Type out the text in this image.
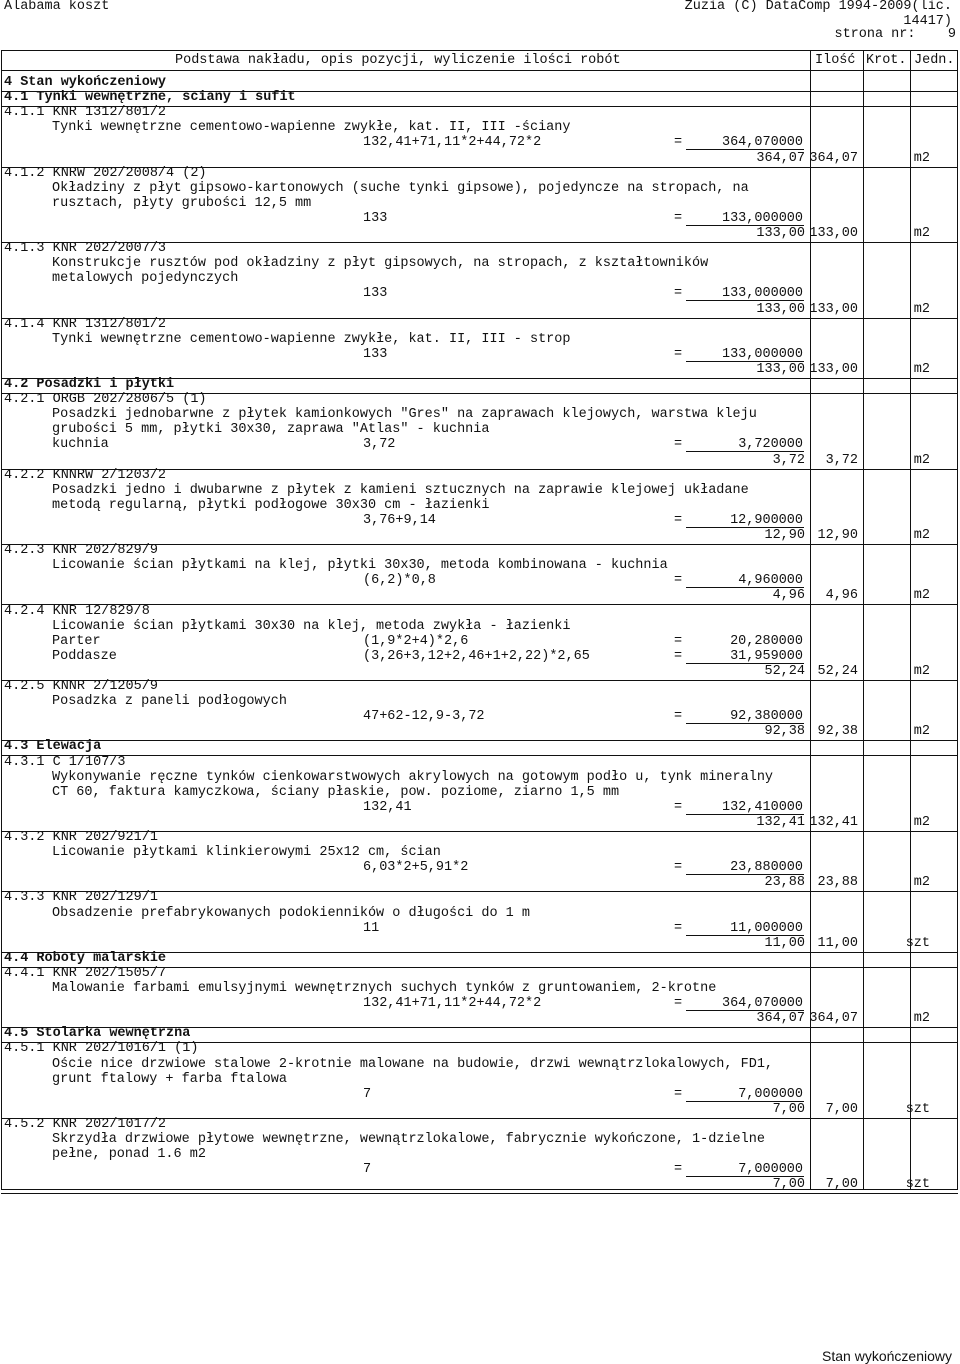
Alabama koszt	Zuzia (C) DataComp 1994-2009(lic.
14417)
strona nr:    9
Podstawa nakładu, opis pozycji, wyliczenie ilości robót	Ilość Krot. Jedn.
4 Stan wykończeniowy
4.1 Tynki wewnętrzne, sciany i sufit
4.1.1 KNR 1312/801/2
Tynki wewnętrzne cementowo-wapienne zwykłe, kat. II, III -ściany
132,41+71,11*2+44,72*2	=	364,070000
364,07 364,07	m2
4.1.2 KNRW 202/2008/4 (2)
Okładziny z płyt gipsowo-kartonowych (suche tynki gipsowe), pojedyncze na stropach, na
rusztach, płyty grubości 12,5 mm
133	=	133,000000
133,00 133,00	m2
4.1.3 KNR 202/2007/3
Konstrukcje rusztów pod okładziny z płyt gipsowych, na stropach, z kształtowników
metalowych pojedynczych
133	=	133,000000
133,00 133,00	m2
4.1.4 KNR 1312/801/2
Tynki wewnętrzne cementowo-wapienne zwykłe, kat. II, III - strop
133	=	133,000000
133,00 133,00	m2
4.2 Posadzki i płytki
4.2.1 ORGB 202/2806/5 (1)
Posadzki jednobarwne z płytek kamionkowych "Gres" na zaprawach klejowych, warstwa kleju
grubości 5 mm, płytki 30x30, zaprawa "Atlas" - kuchnia
kuchnia	3,72	=	3,720000
3,72 3,72	m2
4.2.2 KNNRW 2/1203/2
Posadzki jedno i dwubarwne z płytek z kamieni sztucznych na zaprawie klejowej układane
metodą regularną, płytki podłogowe 30x30 cm - łazienki
3,76+9,14	=	12,900000
12,90 12,90	m2
4.2.3 KNR 202/829/9
Licowanie ścian płytkami na klej, płytki 30x30, metoda kombinowana - kuchnia
(6,2)*0,8	=	4,960000
4,96 4,96	m2
4.2.4 KNR 12/829/8
Licowanie ścian płytkami 30x30 na klej, metoda zwykła - łazienki
Parter	(1,9*2+4)*2,6	=	20,280000
Poddasze	(3,26+3,12+2,46+1+2,22)*2,65	=	31,959000
52,24 52,24	m2
4.2.5 KNNR 2/1205/9
Posadzka z paneli podłogowych
47+62-12,9-3,72	=	92,380000
92,38 92,38	m2
4.3 Elewacja
4.3.1 C 1/107/3
Wykonywanie ręczne tynków cienkowarstwowych akrylowych na gotowym podło u, tynk mineralny
CT 60, faktura kamyczkowa, ściany płaskie, pow. poziome, ziarno 1,5 mm
132,41	=	132,410000
132,41 132,41	m2
4.3.2 KNR 202/921/1
Licowanie płytkami klinkierowymi 25x12 cm, ścian
6,03*2+5,91*2	=	23,880000
23,88 23,88	m2
4.3.3 KNR 202/129/1
Obsadzenie prefabrykowanych podokienników o długości do 1 m
11	=	11,000000
11,00 11,00	szt
4.4 Roboty malarskie
4.4.1 KNR 202/1505/7
Malowanie farbami emulsyjnymi wewnętrznych suchych tynków z gruntowaniem, 2-krotne
132,41+71,11*2+44,72*2	=	364,070000
364,07 364,07	m2
4.5 Stolarka wewnętrzna
4.5.1 KNR 202/1016/1 (1)
Oście nice drzwiowe stalowe 2-krotnie malowane na budowie, drzwi wewnątrzlokalowych, FD1,
grunt ftalowy + farba ftalowa
7	=	7,000000
7,00 7,00	szt
4.5.2 KNR 202/1017/2
Skrzydła drzwiowe płytowe wewnętrzne, wewnątrzlokalowe, fabrycznie wykończone, 1-dzielne
pełne, ponad 1.6 m2
7	=	7,000000
7,00 7,00	szt
Stan wykończeniowy
